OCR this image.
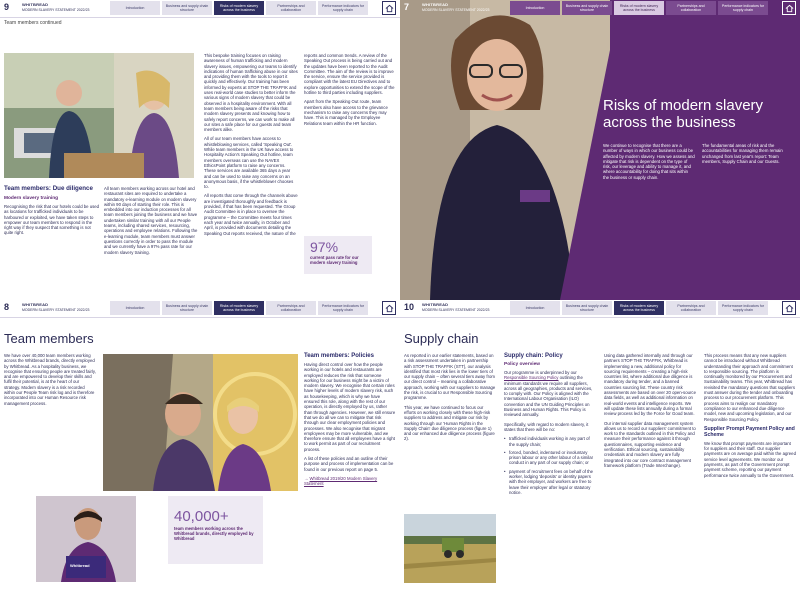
9	WHITBREAD
MODERN SLAVERY STATEMENT 2022/23	Introduction
Business and supply chain structure
Risks of modern slavery across the business
Partnerships and collaboration
Performance indicators for supply chain
Team members continued
Team members: Due diligence
Modern slavery training
Recognising the risk that our hotels could be used as locations for trafficked individuals to be harboured or exploited, we have taken steps to empower our team members to respond in the right way if they suspect that something is not quite right.
All team members working across our hotel and restaurant sites are required to undertake a mandatory e-learning module on modern slavery within 90 days of starting their role. This is embedded into our induction processes for all team members joining the business and we have undertaken similar training with all our People teams, including shared services, resourcing, operations and employee relations. Following the e-learning module, team members must answer questions correctly in order to pass the module and we currently have a 97% pass rate for our modern slavery training.

This bespoke training focuses on raising awareness of human trafficking and modern slavery issues, empowering our teams to identify indications of human trafficking abuse in our sites and providing them with the tools to report it quickly and effectively. Our training has been informed by experts at STOP THE TRAFFIK and uses real-world case studies to better inform the various signs of modern slavery that could be observed in a hospitality environment. With all team members being aware of the risks that modern slavery presents and knowing how to safely report concerns, we can work to make all our sites a safe place for our guests and team members alike.

All of our team members have access to whistleblowing services, called 'Speaking Out'. While team members in the UK have access to Hospitality Action's Speaking Out hotline, team members overseas can use the NAVEX EthicsPoint platform to raise any concerns. These services are available 365 days a year and can be used to raise any concerns on an anonymous basis, if the whistleblower chooses to.

All reports that come through the channels above are investigated thoroughly and feedback is provided, if that has been requested. The Group Audit Committee is in place to oversee the programme – the Committee meets four times each year and twice annually, in October and April, is provided with documents detailing the Speaking Out reports received, the nature of the

reports and common trends. A review of the Speaking Out process is being carried out and the updates have been reported to the Audit Committee. The aim of the review is to improve the service, ensure the service provided is compliant with the latest EU Directives and to explore opportunities to extend the scope of the hotline to third parties including suppliers.

Apart from the Speaking Out route, team members also have access to the grievance mechanism to raise any concerns they may have. This is managed by the Employee Relations team within the HR function.

97%
current pass rate for our modern slavery training
7	WHITBREAD
MODERN SLAVERY STATEMENT 2022/23	Introduction
Business and supply chain structure
Risks of modern slavery across the business
Partnerships and collaboration
Performance indicators for supply chain
Risks of modern slavery across the business
We continue to recognise that there are a number of ways in which our business could be affected by modern slavery. How we assess and mitigate that risk is dependent on the type of risk, our leverage and ability to manage it, and where accountability for doing that sits within the business or supply chain.
The fundamental areas of risk and the accountabilities for managing them remain unchanged from last year's report: Team members, Supply Chain and our Guests.
8	WHITBREAD
MODERN SLAVERY STATEMENT 2022/23	Introduction
Business and supply chain structure
Risks of modern slavery across the business
Partnerships and collaboration
Performance indicators for supply chain
Team members
We have over 40,000 team members working across the Whitbread brands, directly employed by Whitbread. As a hospitality business, we recognise that ensuring people are treated fairly, and are empowered to develop their skills and fulfil their potential, is at the heart of our strategy. Modern slavery is a risk recorded within our People Team risk log and is therefore incorporated into our Human Resource risk management process.
Whitbread
40,000+
team members working across the Whitbread brands, directly employed by Whitbread
Team members: Policies

Having direct control over how the people working in our hotels and restaurants are employed reduces the risk that someone working for our business might be a victim of modern slavery. We recognise that certain roles have higher levels of modern slavery risk, such as housekeeping, which is why we have ensured this role, along with the rest of our operation, is directly employed by us, rather than through agencies. However, we still ensure that we do all we can to mitigate that risk through our clear employment policies and processes. We also recognise that migrant employees may be more vulnerable, and we therefore ensure that all employees have a right to work permit as part of our recruitment process.

A list of these policies and an outline of their purpose and process of implementation can be found in our previous report on page 5.

→ Whitbread 2019/20 Modern Slavery Statement

10 WHITBREAD
MODERN SLAVERY STATEMENT 2022/23	Introduction
Business and supply chain structure
Risks of modern slavery across the business
Partnerships and collaboration
Performance indicators for supply chain
Supply chain

As reported in our earlier statements, based on a risk assessment undertaken in partnership with STOP THE TRAFFIK (STT), our analysis identified that most risk lies in the lower tiers of our supply chain – often several tiers away from our direct control – meaning a collaborative approach, working with our suppliers to manage the risk, is crucial to our Responsible Sourcing programme.

This year, we have continued to focus our efforts on working closely with these high-risk suppliers to address and mitigate our risk by working through our 'Human Rights in the Supply Chain' due diligence process (figure 1) and our enhanced due diligence process (figure 2).

Supply chain: Policy
Policy overview

Our programme is underpinned by our Responsible Sourcing Policy outlining the minimum standards we require all suppliers, across all geographies, products and services, to comply with. Our Policy is aligned with the International Labour Organisation (ILO) convention and the UN Guiding Principles on Business and Human Rights. This Policy is reviewed annually.

Specifically, with regard to modern slavery, it states that there will be no:

• trafficked individuals working in any part of the supply chain;
• forced, bonded, indentured or involuntary prison labour or any other labour of a similar conduct in any part of our supply chain; or
• payment of recruitment fees on behalf of the worker, lodging 'deposits' or identity papers with their employer, and workers are free to leave their employer after legal or statutory notice.

Using data gathered internally and through our partners STOP THE TRAFFIK, Whitbread is implementing a new, additional policy for sourcing requirements – creating a high-risk countries list, where additional due diligence is mandatory during tender, and a banned countries sourcing list. These country risk assessments are based on over 20 open-source data fields, as well as additional information on real-world events and intelligence reports. We will update these lists annually during a formal review process led by the Force for Good team.

Our internal supplier data management system allows us to record our suppliers' commitment to work to the standards outlined in this Policy and measure their performance against it through questionnaires, supporting evidence and verification. Ethical sourcing, sustainability credentials and modern slavery are fully integrated into our core contract management framework platform (Trade Interchange).

This process means that any new suppliers cannot be introduced without Whitbread understanding their approach and commitment to responsible sourcing. The platform is continually monitored by our Procurement and Sustainability teams. This year, Whitbread has revisited the mandatory questions that suppliers must answer during the tender and onboarding process to our procurement platform. This process aims to realign our mandatory compliance to our enhanced due diligence model, new and upcoming legislation, and our Responsible Sourcing Policy.

Supplier Prompt Payment Policy and Scheme

We know that prompt payments are important for suppliers and their staff. Our supplier payments are on average paid within the agreed service level agreements. We monitor our payments, as part of the Government prompt payment scheme, reporting our payment performance twice annually to the Government.
